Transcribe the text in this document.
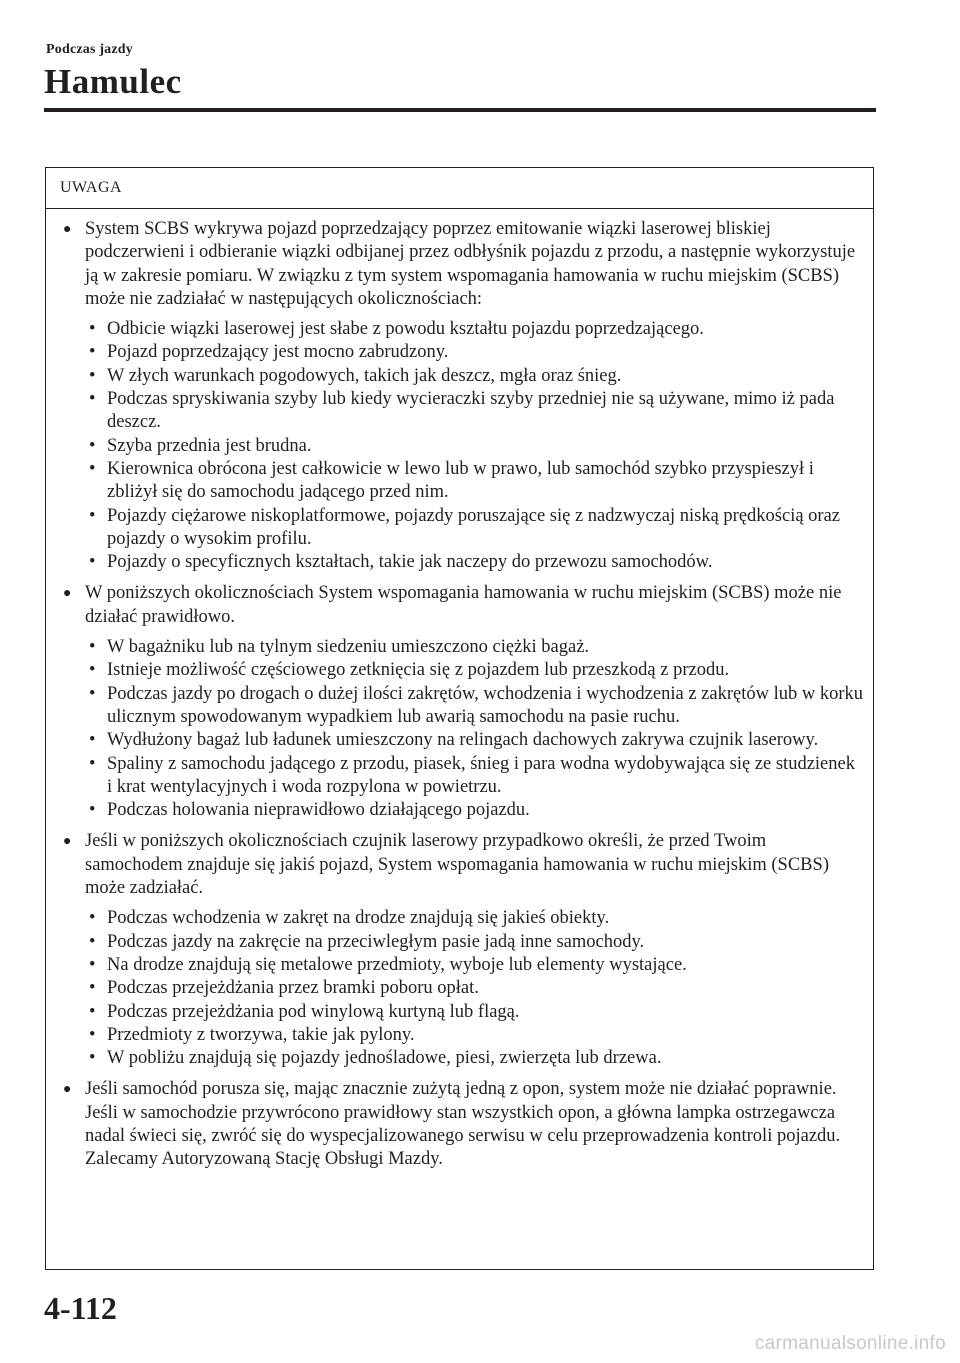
Podczas jazdy
Hamulec
UWAGA
● System SCBS wykrywa pojazd poprzedzający poprzez emitowanie wiązki laserowej bliskiej podczerwieni i odbieranie wiązki odbijanej przez odbłyśnik pojazdu z przodu, a następnie wykorzystuje ją w zakresie pomiaru. W związku z tym system wspomagania hamowania w ruchu miejskim (SCBS) może nie zadziałać w następujących okolicznościach:
• Odbicie wiązki laserowej jest słabe z powodu kształtu pojazdu poprzedzającego.
• Pojazd poprzedzający jest mocno zabrudzony.
• W złych warunkach pogodowych, takich jak deszcz, mgła oraz śnieg.
• Podczas spryskiwania szyby lub kiedy wycieraczki szyby przedniej nie są używane, mimo iż pada deszcz.
• Szyba przednia jest brudna.
• Kierownica obrócona jest całkowicie w lewo lub w prawo, lub samochód szybko przyspieszył i zbliżył się do samochodu jadącego przed nim.
• Pojazdy ciężarowe niskoplatformowe, pojazdy poruszające się z nadzwyczaj niską prędkością oraz pojazdy o wysokim profilu.
• Pojazdy o specyficznych kształtach, takie jak naczepy do przewozu samochodów.
● W poniższych okolicznościach System wspomagania hamowania w ruchu miejskim (SCBS) może nie działać prawidłowo.
• W bagażniku lub na tylnym siedzeniu umieszczono ciężki bagaż.
• Istnieje możliwość częściowego zetknięcia się z pojazdem lub przeszkodą z przodu.
• Podczas jazdy po drogach o dużej ilości zakrętów, wchodzenia i wychodzenia z zakrętów lub w korku ulicznym spowodowanym wypadkiem lub awarią samochodu na pasie ruchu.
• Wydłużony bagaż lub ładunek umieszczony na relingach dachowych zakrywa czujnik laserowy.
• Spaliny z samochodu jadącego z przodu, piasek, śnieg i para wodna wydobywająca się ze studzienek i krat wentylacyjnych i woda rozpylona w powietrzu.
• Podczas holowania nieprawidłowo działającego pojazdu.
● Jeśli w poniższych okolicznościach czujnik laserowy przypadkowo określi, że przed Twoim samochodem znajduje się jakiś pojazd, System wspomagania hamowania w ruchu miejskim (SCBS) może zadziałać.
• Podczas wchodzenia w zakręt na drodze znajdują się jakieś obiekty.
• Podczas jazdy na zakręcie na przeciwległym pasie jadą inne samochody.
• Na drodze znajdują się metalowe przedmioty, wyboje lub elementy wystające.
• Podczas przejeżdżania przez bramki poboru opłat.
• Podczas przejeżdżania pod winylową kurtyną lub flagą.
• Przedmioty z tworzywa, takie jak pylony.
• W pobliżu znajdują się pojazdy jednośladowe, piesi, zwierzęta lub drzewa.
● Jeśli samochód porusza się, mając znacznie zużytą jedną z opon, system może nie działać poprawnie. Jeśli w samochodzie przywrócono prawidłowy stan wszystkich opon, a główna lampka ostrzegawcza nadal świeci się, zwróć się do wyspecjalizowanego serwisu w celu przeprowadzenia kontroli pojazdu. Zalecamy Autoryzowaną Stację Obsługi Mazdy.
4-112
carmanualsonline.info
